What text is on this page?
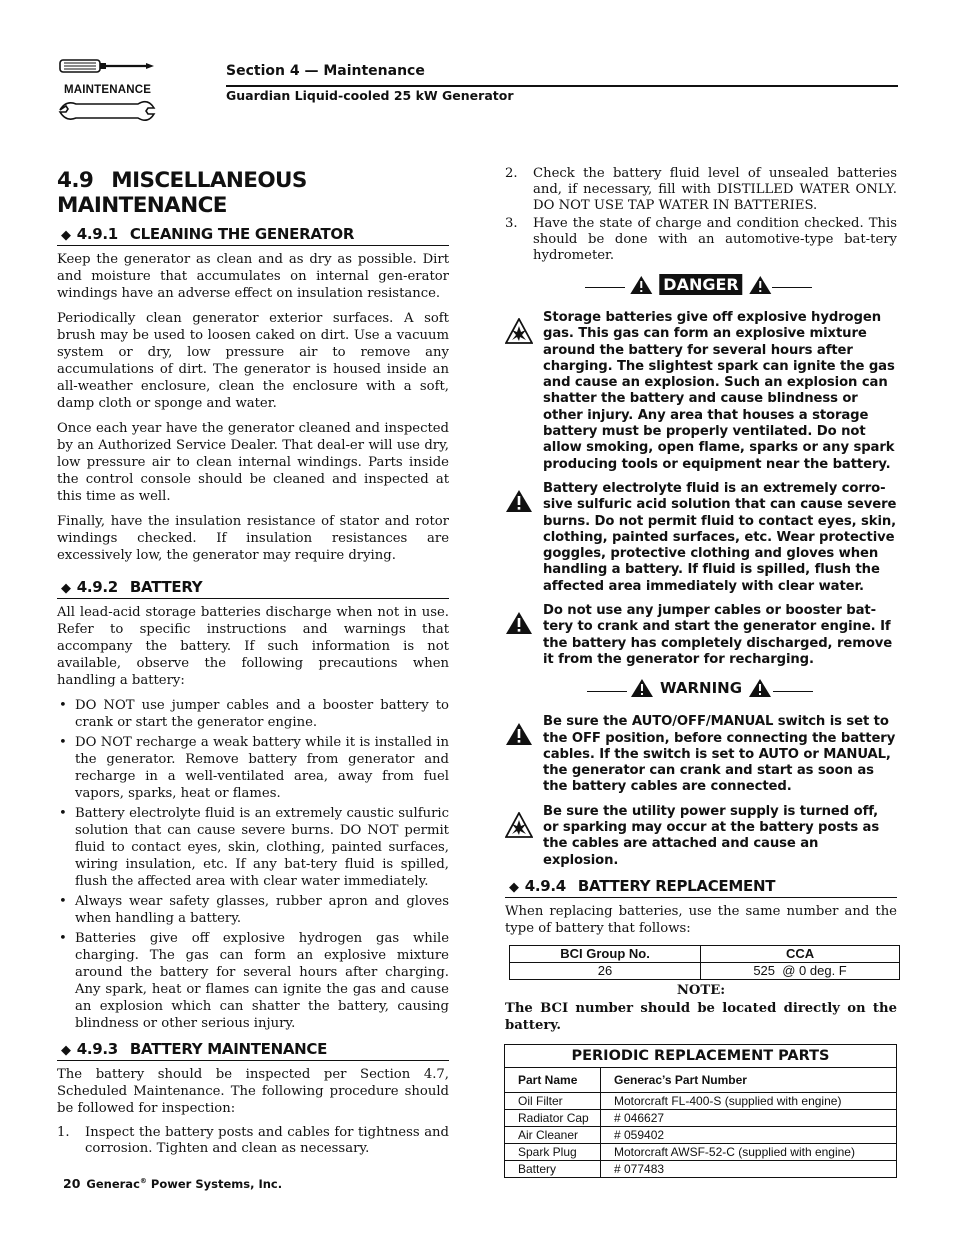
MAINTENANCE
Section 4 — Maintenance
Guardian Liquid-cooled 25 kW Generator
4.9 MISCELLANEOUS MAINTENANCE
◆ 4.9.1 CLEANING THE GENERATOR

Keep the generator as clean and as dry as possible. Dirt and moisture that accumulates on internal gen-erator windings have an adverse effect on insulation resistance.

Periodically clean generator exterior surfaces. A soft brush may be used to loosen caked on dirt. Use a vacuum system or dry, low pressure air to remove any accumulations of dirt. The generator is housed inside an all-weather enclosure, clean the enclosure with a soft, damp cloth or sponge and water.

Once each year have the generator cleaned and inspected by an Authorized Service Dealer. That deal-er will use dry, low pressure air to clean internal windings. Parts inside the control console should be cleaned and inspected at this time as well.

Finally, have the insulation resistance of stator and rotor windings checked. If insulation resistances are excessively low, the generator may require drying.

◆ 4.9.2 BATTERY

All lead-acid storage batteries discharge when not in use. Refer to specific instructions and warnings that accompany the battery. If such information is not available, observe the following precautions when handling a battery:

• DO NOT use jumper cables and a booster battery to crank or start the generator engine.
• DO NOT recharge a weak battery while it is installed in the generator. Remove battery from generator and recharge in a well-ventilated area, away from fuel vapors, sparks, heat or flames.
• Battery electrolyte fluid is an extremely caustic sulfuric solution that can cause severe burns. DO NOT permit fluid to contact eyes, skin, clothing, painted surfaces, wiring insulation, etc. If any bat-tery fluid is spilled, flush the affected area with clear water immediately.
• Always wear safety glasses, rubber apron and gloves when handling a battery.
• Batteries give off explosive hydrogen gas while charging. The gas can form an explosive mixture around the battery for several hours after charging. Any spark, heat or flames can ignite the gas and cause an explosion which can shatter the battery, causing blindness or other serious injury.
◆ 4.9.3 BATTERY MAINTENANCE

The battery should be inspected per Section 4.7, Scheduled Maintenance. The following procedure should be followed for inspection:

1. Inspect the battery posts and cables for tightness and corrosion. Tighten and clean as necessary.
2. Check the battery fluid level of unsealed batteries and, if necessary, fill with DISTILLED WATER ONLY. DO NOT USE TAP WATER IN BATTERIES.
3. Have the state of charge and condition checked. This should be done with an automotive-type bat-tery hydrometer.
DANGER
Storage batteries give off explosive hydrogen gas. This gas can form an explosive mixture around the battery for several hours after charging. The slightest spark can ignite the gas and cause an explosion. Such an explosion can shatter the battery and cause blindness or other injury. Any area that houses a storage battery must be properly ventilated. Do not allow smoking, open flame, sparks or any spark producing tools or equipment near the battery.
Battery electrolyte fluid is an extremely corro-sive sulfuric acid solution that can cause severe burns. Do not permit fluid to contact eyes, skin, clothing, painted surfaces, etc. Wear protective goggles, protective clothing and gloves when handling a battery. If fluid is spilled, flush the affected area immediately with clear water.
Do not use any jumper cables or booster bat-tery to crank and start the generator engine. If the battery has completely discharged, remove it from the generator for recharging.
WARNING
Be sure the AUTO/OFF/MANUAL switch is set to the OFF position, before connecting the battery cables. If the switch is set to AUTO or MANUAL, the generator can crank and start as soon as the battery cables are connected.
Be sure the utility power supply is turned off, or sparking may occur at the battery posts as the cables are attached and cause an explosion.
◆ 4.9.4 BATTERY REPLACEMENT

When replacing batteries, use the same number and the type of battery that follows:

BCI Group No.	CCA
26	525  @ 0 deg. F
NOTE:

The BCI number should be located directly on the battery.

PERIODIC REPLACEMENT PARTS	
Part Name	Generac’s Part Number
Oil Filter	Motorcraft FL-400-S (supplied with engine)
Radiator Cap	# 046627
Air Cleaner	# 059402
Spark Plug	Motorcraft AWSF-52-C (supplied with engine)
Battery	# 077483
20 Generac® Power Systems, Inc.
